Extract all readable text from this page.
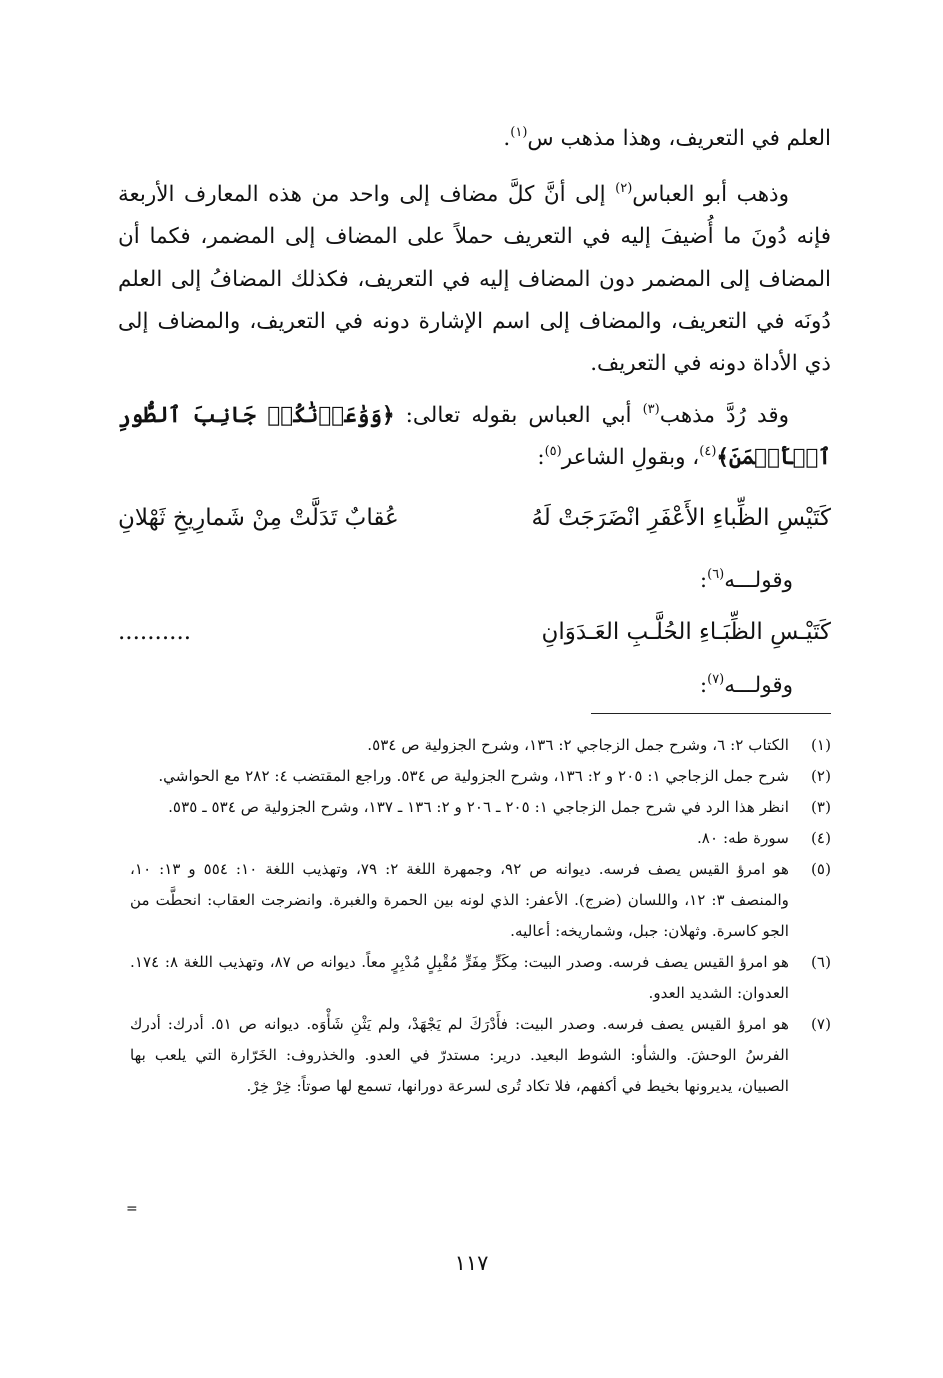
العلم في التعريف، وهذا مذهب س$^{(١)}$.

وذهب أبو العباس$^{(٢)}$ إلى أنَّ كلَّ مضاف إلى واحد من هذه المعارف الأربعة فإنه دُونَ ما أُضيفَ إليه في التعريف حملاً على المضاف إلى المضمر، فكما أن المضاف إلى المضمر دون المضاف إليه في التعريف، فكذلك المضافُ إلى العلم دُونَه في التعريف، والمضاف إلى اسم الإشارة دونه في التعريف، والمضاف إلى ذي الأداة دونه في التعريف.

وقد رُدَّ مذهب$^{(٣)}$ أبي العباس بقوله تعالى: ﴿وَوَٰعَدۡنَٰكُمۡ جَانِبَ ٱلطُّورِ ٱلۡأَيۡمَنَ﴾$^{(٤)}$، وبقولِ الشاعر$^{(٥)}$:

كَتَيْسِ الظِّباءِ الأَعْفَرِ انْضَرَجَتْ لَهُ
عُقابٌ تَدَلَّتْ مِنْ شَمارِيخِ ثَهْلانِ
وقولـــه$^{(٦)}$:
كَتَيْـسِ الظِّبَـاءِ الحُلَّـبِ العَـدَوَانِ
..........
وقولـــه$^{(٧)}$:
(١)
الكتاب ٢: ٦، وشرح جمل الزجاجي ٢: ١٣٦، وشرح الجزولية ص ٥٣٤.
(٢)
شرح جمل الزجاجي ١: ٢٠٥ و ٢: ١٣٦، وشرح الجزولية ص ٥٣٤. وراجع المقتضب ٤: ٢٨٢ مع الحواشي.
(٣)
انظر هذا الرد في شرح جمل الزجاجي ١: ٢٠٥ ـ ٢٠٦ و ٢: ١٣٦ ـ ١٣٧، وشرح الجزولية ص ٥٣٤ ـ ٥٣٥.
(٤)
سورة طه: ٨٠.
(٥)
هو امرؤ القيس يصف فرسه. ديوانه ص ٩٢، وجمهرة اللغة ٢: ٧٩، وتهذيب اللغة ١٠: ٥٥٤ و ١٣: ١٠، والمنصف ٣: ١٢، واللسان (ضرج). الأعفر: الذي لونه بين الحمرة والغبرة. وانضرجت العقاب: انحطَّت من الجو كاسرة. وثهلان: جبل، وشماريخه: أعاليه.
(٦)
هو امرؤ القيس يصف فرسه. وصدر البيت: مِكَرٍّ مِفَرٍّ مُقْبِلٍ مُدْبِرٍ معاً. ديوانه ص ٨٧، وتهذيب اللغة ٨: ١٧٤. العدوان: الشديد العدو.
(٧)
هو امرؤ القيس يصف فرسه. وصدر البيت: فأَدْرَكَ لم يَجْهَدْ، ولم يَثْنِ شَأْوَه. ديوانه ص ٥١. أدرك: أدرك الفرسُ الوحشَ. والشأو: الشوط البعيد. درير: مستدرّ في العدو. والخذروف: الخَرّارة التي يلعب بها الصبيان، يديرونها بخيط في أكفهم، فلا تكاد تُرى لسرعة دورانها، تسمع لها صوتاً: خِرْ خِرْ.
=
١١٧
